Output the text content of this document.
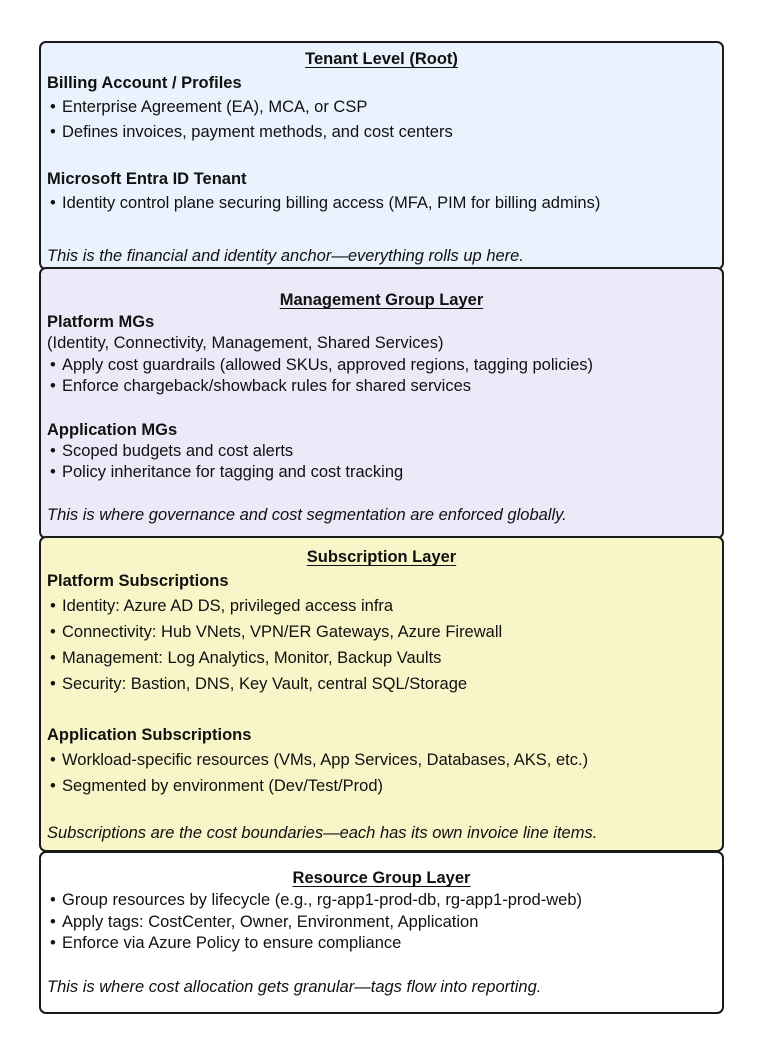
Tenant Level (Root)
Billing Account / Profiles
• Enterprise Agreement (EA), MCA, or CSP
• Defines invoices, payment methods, and cost centers
Microsoft Entra ID Tenant
• Identity control plane securing billing access (MFA, PIM for billing admins)
This is the financial and identity anchor—everything rolls up here.
Management Group Layer
Platform MGs
(Identity, Connectivity, Management, Shared Services)
• Apply cost guardrails (allowed SKUs, approved regions, tagging policies)
• Enforce chargeback/showback rules for shared services
Application MGs
• Scoped budgets and cost alerts
• Policy inheritance for tagging and cost tracking
This is where governance and cost segmentation are enforced globally.
Subscription Layer
Platform Subscriptions
• Identity: Azure AD DS, privileged access infra
• Connectivity: Hub VNets, VPN/ER Gateways, Azure Firewall
• Management: Log Analytics, Monitor, Backup Vaults
• Security: Bastion, DNS, Key Vault, central SQL/Storage
Application Subscriptions
• Workload-specific resources (VMs, App Services, Databases, AKS, etc.)
• Segmented by environment (Dev/Test/Prod)
Subscriptions are the cost boundaries—each has its own invoice line items.
Resource Group Layer
• Group resources by lifecycle (e.g., rg-app1-prod-db, rg-app1-prod-web)
• Apply tags: CostCenter, Owner, Environment, Application
• Enforce via Azure Policy to ensure compliance
This is where cost allocation gets granular—tags flow into reporting.
